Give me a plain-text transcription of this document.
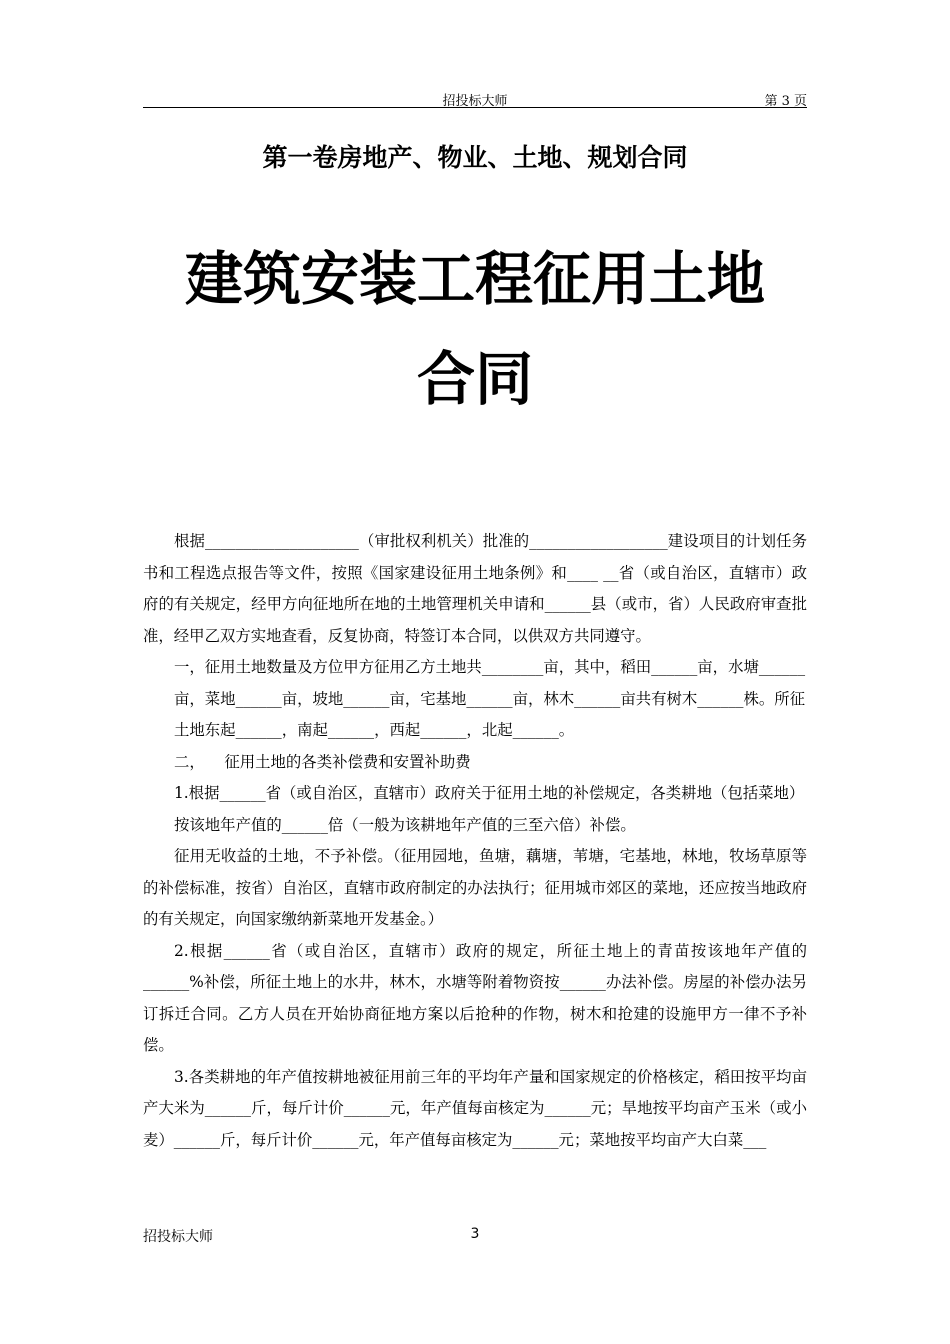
招投标大师	第 3 页
第一卷房地产、物业、土地、规划合同
建筑安装工程征用土地
合同

根据____________________（审批权利机关）批准的__________________建设项目的计划任务书和工程选点报告等文件，按照《国家建设征用土地条例》和____ __省（或自治区，直辖市）政府的有关规定，经甲方向征地所在地的土地管理机关申请和______县（或市，省）人民政府审查批准，经甲乙双方实地查看，反复协商，特签订本合同，以供双方共同遵守。

一，征用土地数量及方位甲方征用乙方土地共________亩，其中，稻田______亩，水塘______

亩，菜地______亩，坡地______亩，宅基地______亩，林木______亩共有树木______株。所征

土地东起______，南起______，西起______，北起______。

二，    征用土地的各类补偿费和安置补助费

1.根据______省（或自治区，直辖市）政府关于征用土地的补偿规定，各类耕地（包括菜地）

按该地年产值的______倍（一般为该耕地年产值的三至六倍）补偿。

征用无收益的土地，不予补偿。（征用园地，鱼塘，藕塘，苇塘，宅基地，林地，牧场草原等的补偿标准，按省）自治区，直辖市政府制定的办法执行；征用城市郊区的菜地，还应按当地政府的有关规定，向国家缴纳新菜地开发基金。）

2.根据______省（或自治区，直辖市）政府的规定，所征土地上的青苗按该地年产值的______%补偿，所征土地上的水井，林木，水塘等附着物资按______办法补偿。房屋的补偿办法另订拆迁合同。乙方人员在开始协商征地方案以后抢种的作物，树木和抢建的设施甲方一律不予补偿。

3.各类耕地的年产值按耕地被征用前三年的平均年产量和国家规定的价格核定，稻田按平均亩产大米为______斤，每斤计价______元，年产值每亩核定为______元；旱地按平均亩产玉米（或小麦）______斤，每斤计价______元，年产值每亩核定为______元；菜地按平均亩产大白菜___

招投标大师	3
